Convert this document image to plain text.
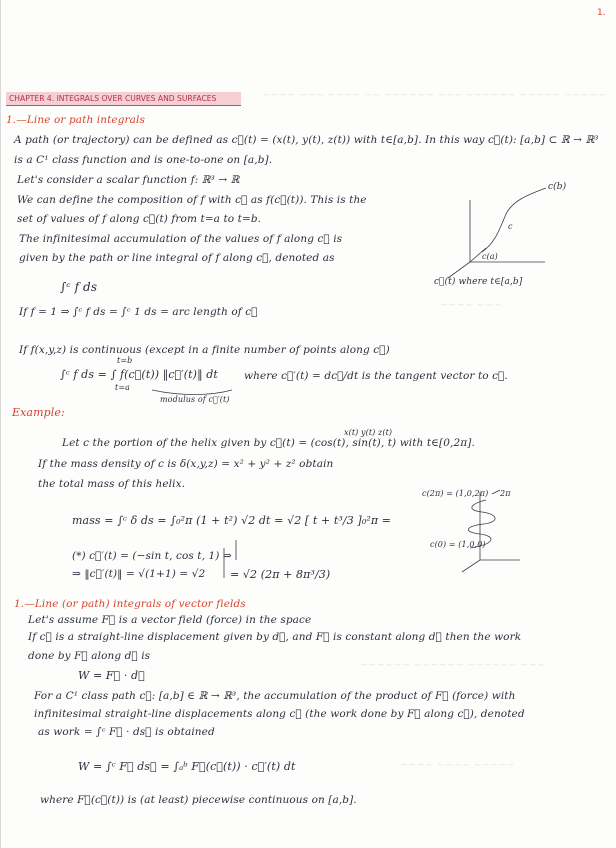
~~~~ ~~~ ~~~~ ~~ ~~~~~~ ~~~ ~~~~~~ ~~~~~ ~~~~~
~~~~ ~~~
~~~~~~ ~~~~~~ ~~~~~~ ~~~
~~~~ ~~~~ ~~~~~
1.
CHAPTER 4. INTEGRALS OVER CURVES AND SURFACES
1.—Line or path integrals
A path (or trajectory) can be defined as c⃗(t) = (x(t), y(t), z(t)) with t∈[a,b]. In this way c⃗(t): [a,b] ⊂ ℝ → ℝ³
is a C¹ class function and is one-to-one on [a,b].
Let's consider a scalar function f: ℝ³ → ℝ
We can define the composition of f with c⃗ as f(c⃗(t)). This is the
set of values of f along c⃗(t) from t=a to t=b.
The infinitesimal accumulation of the values of f along c⃗ is
given by the path or line integral of f along c⃗, denoted as
∫ᶜ f ds
If f = 1 ⇒ ∫ᶜ f ds = ∫ᶜ 1 ds = arc length of c⃗
If f(x,y,z) is continuous (except in a finite number of points along c⃗)
t=b
∫ᶜ f ds = ∫ f(c⃗(t)) ‖c⃗′(t)‖ dt
t=a
where c⃗′(t) = dc⃗/dt is the tangent vector to c⃗.
modulus of c⃗′(t)
c(b)
c
c(a)
c⃗(t) where t∈[a,b]
Example:
x(t) y(t) z(t)
Let c the portion of the helix given by c⃗(t) = (cos(t), sin(t), t) with t∈[0,2π].
If the mass density of c is δ(x,y,z) = x² + y² + z² obtain
the total mass of this helix.
mass = ∫ᶜ δ ds = ∫₀²π (1 + t²) √2 dt = √2 [ t + t³/3 ]₀²π =
(*) c⃗′(t) = (−sin t, cos t, 1) ⇒
⇒ ‖c⃗′(t)‖ = √(1+1) = √2 = √2 (2π + 8π³/3)
c(2π) = (1,0,2π) 2π
c(0) = (1,0,0)
1.—Line (or path) integrals of vector fields
Let's assume F⃗ is a vector field (force) in the space
If c⃗ is a straight-line displacement given by d⃗, and F⃗ is constant along d⃗ then the work
done by F⃗ along d⃗ is
W = F⃗ · d⃗
For a C¹ class path c⃗: [a,b] ∈ ℝ → ℝ³, the accumulation of the product of F⃗ (force) with
infinitesimal straight-line displacements along c⃗ (the work done by F⃗ along c⃗), denoted
as work = ∫ᶜ F⃗ · ds⃗ is obtained
W = ∫ᶜ F⃗ ds⃗ = ∫ₐᵇ F⃗(c⃗(t)) · c⃗′(t) dt
where F⃗(c⃗(t)) is (at least) piecewise continuous on [a,b].
